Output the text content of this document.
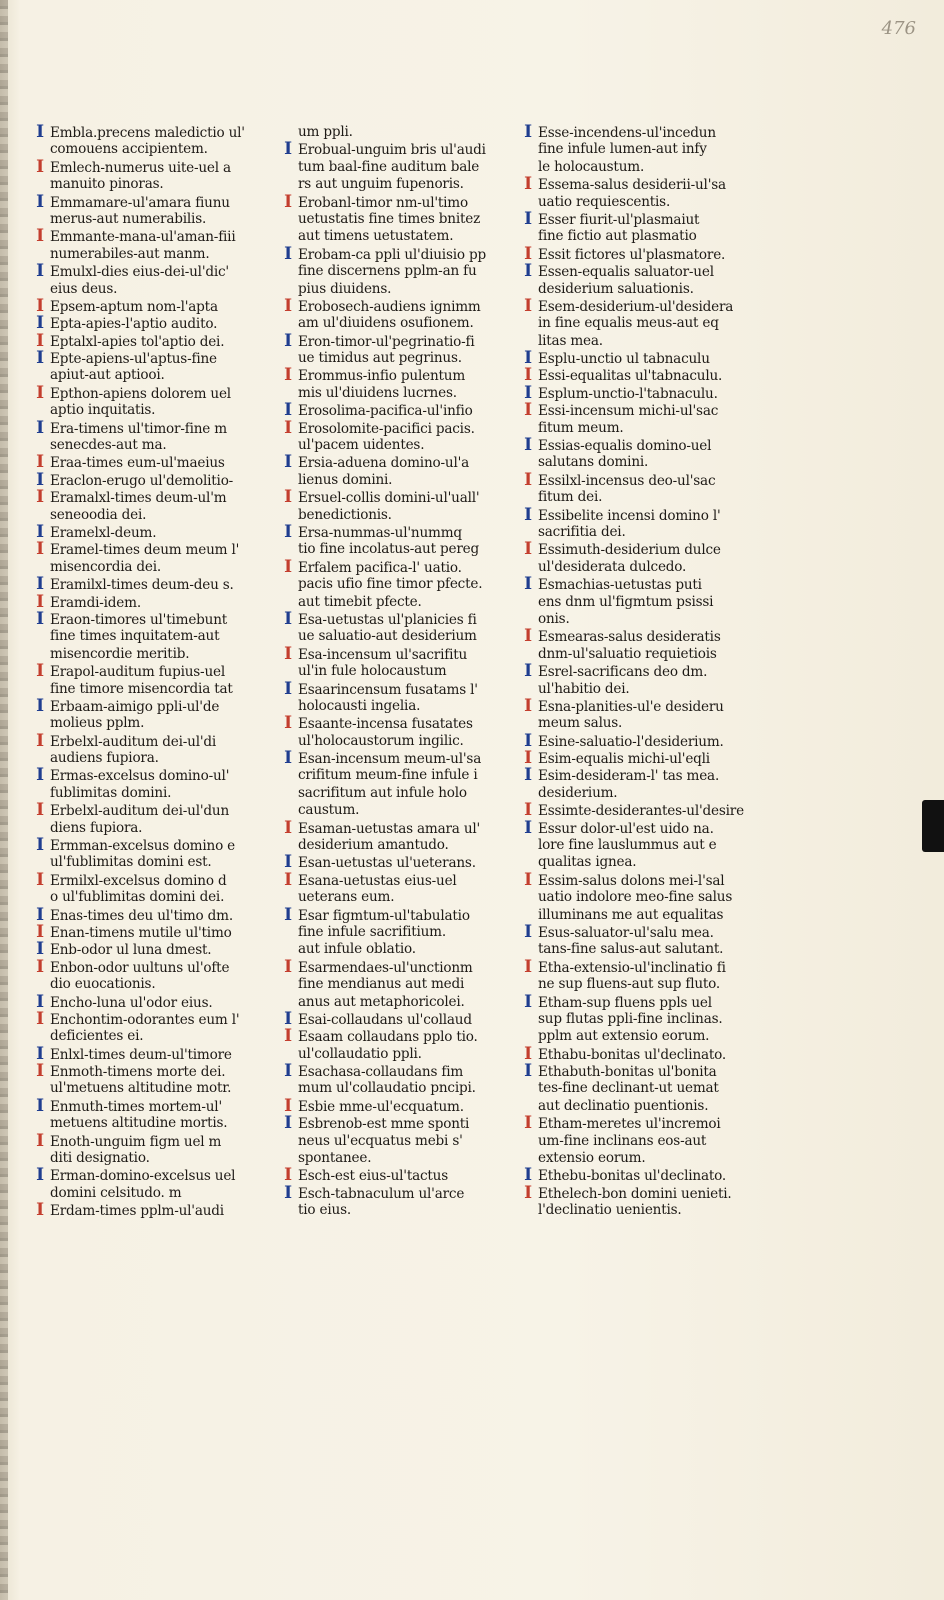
476
I Embla.precens maledictio ul'
comouens accipientem.
I Emlech-numerus uite-uel a
manuito pinoras.
I Emmamare-ul'amara fiunu
merus-aut numerabilis.
I Emmante-mana-ul'aman-fiii
numerabiles-aut manm.
I Emulxl-dies eius-dei-ul'dic'
eius deus.
I Epsem-aptum nom-l'apta
I Epta-apies-l'aptio audito.
I Eptalxl-apies tol'aptio dei.
I Epte-apiens-ul'aptus-fine
apiut-aut aptiooi.
I Epthon-apiens dolorem uel
aptio inquitatis.
I Era-timens ul'timor-fine m
senecdes-aut ma.
I Eraa-times eum-ul'maeius
I Eraclon-erugo ul'demolitio-
I Eramalxl-times deum-ul'm
seneoodia dei.
I Eramelxl-deum.
I Eramel-times deum meum l'
misencordia dei.
I Eramilxl-times deum-deu s.
I Eramdi-idem.
I Eraon-timores ul'timebunt
fine times inquitatem-aut
misencordie meritib.
I Erapol-auditum fupius-uel
fine timore misencordia tat
I Erbaam-aimigo ppli-ul'de
molieus pplm.
I Erbelxl-auditum dei-ul'di
audiens fupiora.
I Ermas-excelsus domino-ul'
fublimitas domini.
I Erbelxl-auditum dei-ul'dun
diens fupiora.
I Ermman-excelsus domino e
ul'fublimitas domini est.
I Ermilxl-excelsus domino d
o ul'fublimitas domini dei.
I Enas-times deu ul'timo dm.
I Enan-timens mutile ul'timo
I Enb-odor ul luna dmest.
I Enbon-odor uultuns ul'ofte
dio euocationis.
I Encho-luna ul'odor eius.
I Enchontim-odorantes eum l'
deficientes ei.
I Enlxl-times deum-ul'timore
I Enmoth-timens morte dei.
ul'metuens altitudine motr.
I Enmuth-times mortem-ul'
metuens altitudine mortis.
I Enoth-unguim figm uel m
diti designatio.
I Erman-domino-excelsus uel
domini celsitudo. m
I Erdam-times pplm-ul'audi
um ppli.
I Erobual-unguim bris ul'audi
tum baal-fine auditum bale
rs aut unguim fupenoris.
I Erobanl-timor nm-ul'timo
uetustatis fine times bnitez
aut timens uetustatem.
I Erobam-ca ppli ul'diuisio pp
fine discernens pplm-an fu
pius diuidens.
I Erobosech-audiens ignimm
am ul'diuidens osufionem.
I Eron-timor-ul'pegrinatio-fi
ue timidus aut pegrinus.
I Erommus-infio pulentum
mis ul'diuidens lucrnes.
I Erosolima-pacifica-ul'infio
I Erosolomite-pacifici pacis.
ul'pacem uidentes.
I Ersia-aduena domino-ul'a
lienus domini.
I Ersuel-collis domini-ul'uall'
benedictionis.
I Ersa-nummas-ul'nummq
tio fine incolatus-aut pereg
I Erfalem pacifica-l' uatio.
pacis ufio fine timor pfecte.
aut timebit pfecte.
I Esa-uetustas ul'planicies fi
ue saluatio-aut desiderium
I Esa-incensum ul'sacrifitu
ul'in fule holocaustum
I Esaarincensum fusatams l'
holocausti ingelia.
I Esaante-incensa fusatates
ul'holocaustorum ingilic.
I Esan-incensum meum-ul'sa
crifitum meum-fine infule i
sacrifitum aut infule holo
caustum.
I Esaman-uetustas amara ul'
desiderium amantudo.
I Esan-uetustas ul'ueterans.
I Esana-uetustas eius-uel
ueterans eum.
I Esar figmtum-ul'tabulatio
fine infule sacrifitium.
aut infule oblatio.
I Esarmendaes-ul'unctionm
fine mendianus aut medi
anus aut metaphoricolei.
I Esai-collaudans ul'collaud
I Esaam collaudans pplo tio.
ul'collaudatio ppli.
I Esachasa-collaudans fim
mum ul'collaudatio pncipi.
I Esbie mme-ul'ecquatum.
I Esbrenob-est mme sponti
neus ul'ecquatus mebi s'
spontanee.
I Esch-est eius-ul'tactus
I Esch-tabnaculum ul'arce
tio eius.
I Esse-incendens-ul'incedun
fine infule lumen-aut infy
le holocaustum.
I Essema-salus desiderii-ul'sa
uatio requiescentis.
I Esser fiurit-ul'plasmaiut
fine fictio aut plasmatio
I Essit fictores ul'plasmatore.
I Essen-equalis saluator-uel
desiderium saluationis.
I Esem-desiderium-ul'desidera
in fine equalis meus-aut eq
litas mea.
I Esplu-unctio ul tabnaculu
I Essi-equalitas ul'tabnaculu.
I Esplum-unctio-l'tabnaculu.
I Essi-incensum michi-ul'sac
fitum meum.
I Essias-equalis domino-uel
salutans domini.
I Essilxl-incensus deo-ul'sac
fitum dei.
I Essibelite incensi domino l'
sacrifitia dei.
I Essimuth-desiderium dulce
ul'desiderata dulcedo.
I Esmachias-uetustas puti
ens dnm ul'figmtum psissi
onis.
I Esmearas-salus desideratis
dnm-ul'saluatio requietiois
I Esrel-sacrificans deo dm.
ul'habitio dei.
I Esna-planities-ul'e desideru
meum salus.
I Esine-saluatio-l'desiderium.
I Esim-equalis michi-ul'eqli
I Esim-desideram-l' tas mea.
desiderium.
I Essimte-desiderantes-ul'desire
I Essur dolor-ul'est uido na.
lore fine lauslummus aut e
qualitas ignea.
I Essim-salus dolons mei-l'sal
uatio indolore meo-fine salus
illuminans me aut equalitas
I Esus-saluator-ul'salu mea.
tans-fine salus-aut salutant.
I Etha-extensio-ul'inclinatio fi
ne sup fluens-aut sup fluto.
I Etham-sup fluens ppls uel
sup flutas ppli-fine inclinas.
pplm aut extensio eorum.
I Ethabu-bonitas ul'declinato.
I Ethabuth-bonitas ul'bonita
tes-fine declinant-ut uemat
aut declinatio puentionis.
I Etham-meretes ul'incremoi
um-fine inclinans eos-aut
extensio eorum.
I Ethebu-bonitas ul'declinato.
I Ethelech-bon domini uenieti.
l'declinatio uenientis.
